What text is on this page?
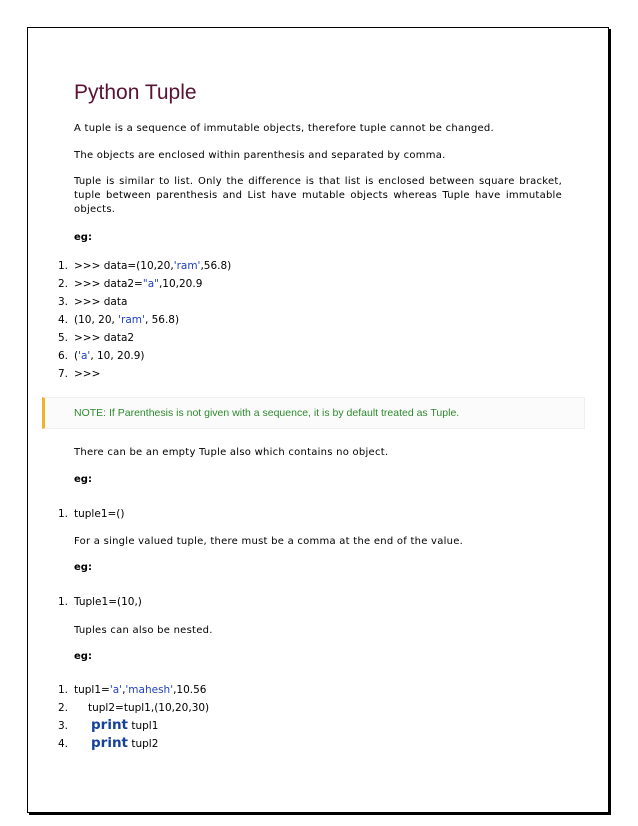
Python Tuple
A tuple is a sequence of immutable objects, therefore tuple cannot be changed.
The objects are enclosed within parenthesis and separated by comma.
Tuple is similar to list. Only the difference is that list is enclosed between square bracket, tuple between parenthesis and List have mutable objects whereas Tuple have immutable objects.
eg:
1. >>> data=(10,20,'ram',56.8)
2. >>> data2="a",10,20.9
3. >>> data
4. (10, 20, 'ram', 56.8)
5. >>> data2
6. ('a', 10, 20.9)
7. >>>
NOTE: If Parenthesis is not given with a sequence, it is by default treated as Tuple.
There can be an empty Tuple also which contains no object.
eg:
1. tuple1=()
For a single valued tuple, there must be a comma at the end of the value.
eg:
1. Tuple1=(10,)
Tuples can also be nested.
eg:
1. tupl1='a','mahesh',10.56
2. tupl2=tupl1,(10,20,30)
3. print tupl1
4. print tupl2
